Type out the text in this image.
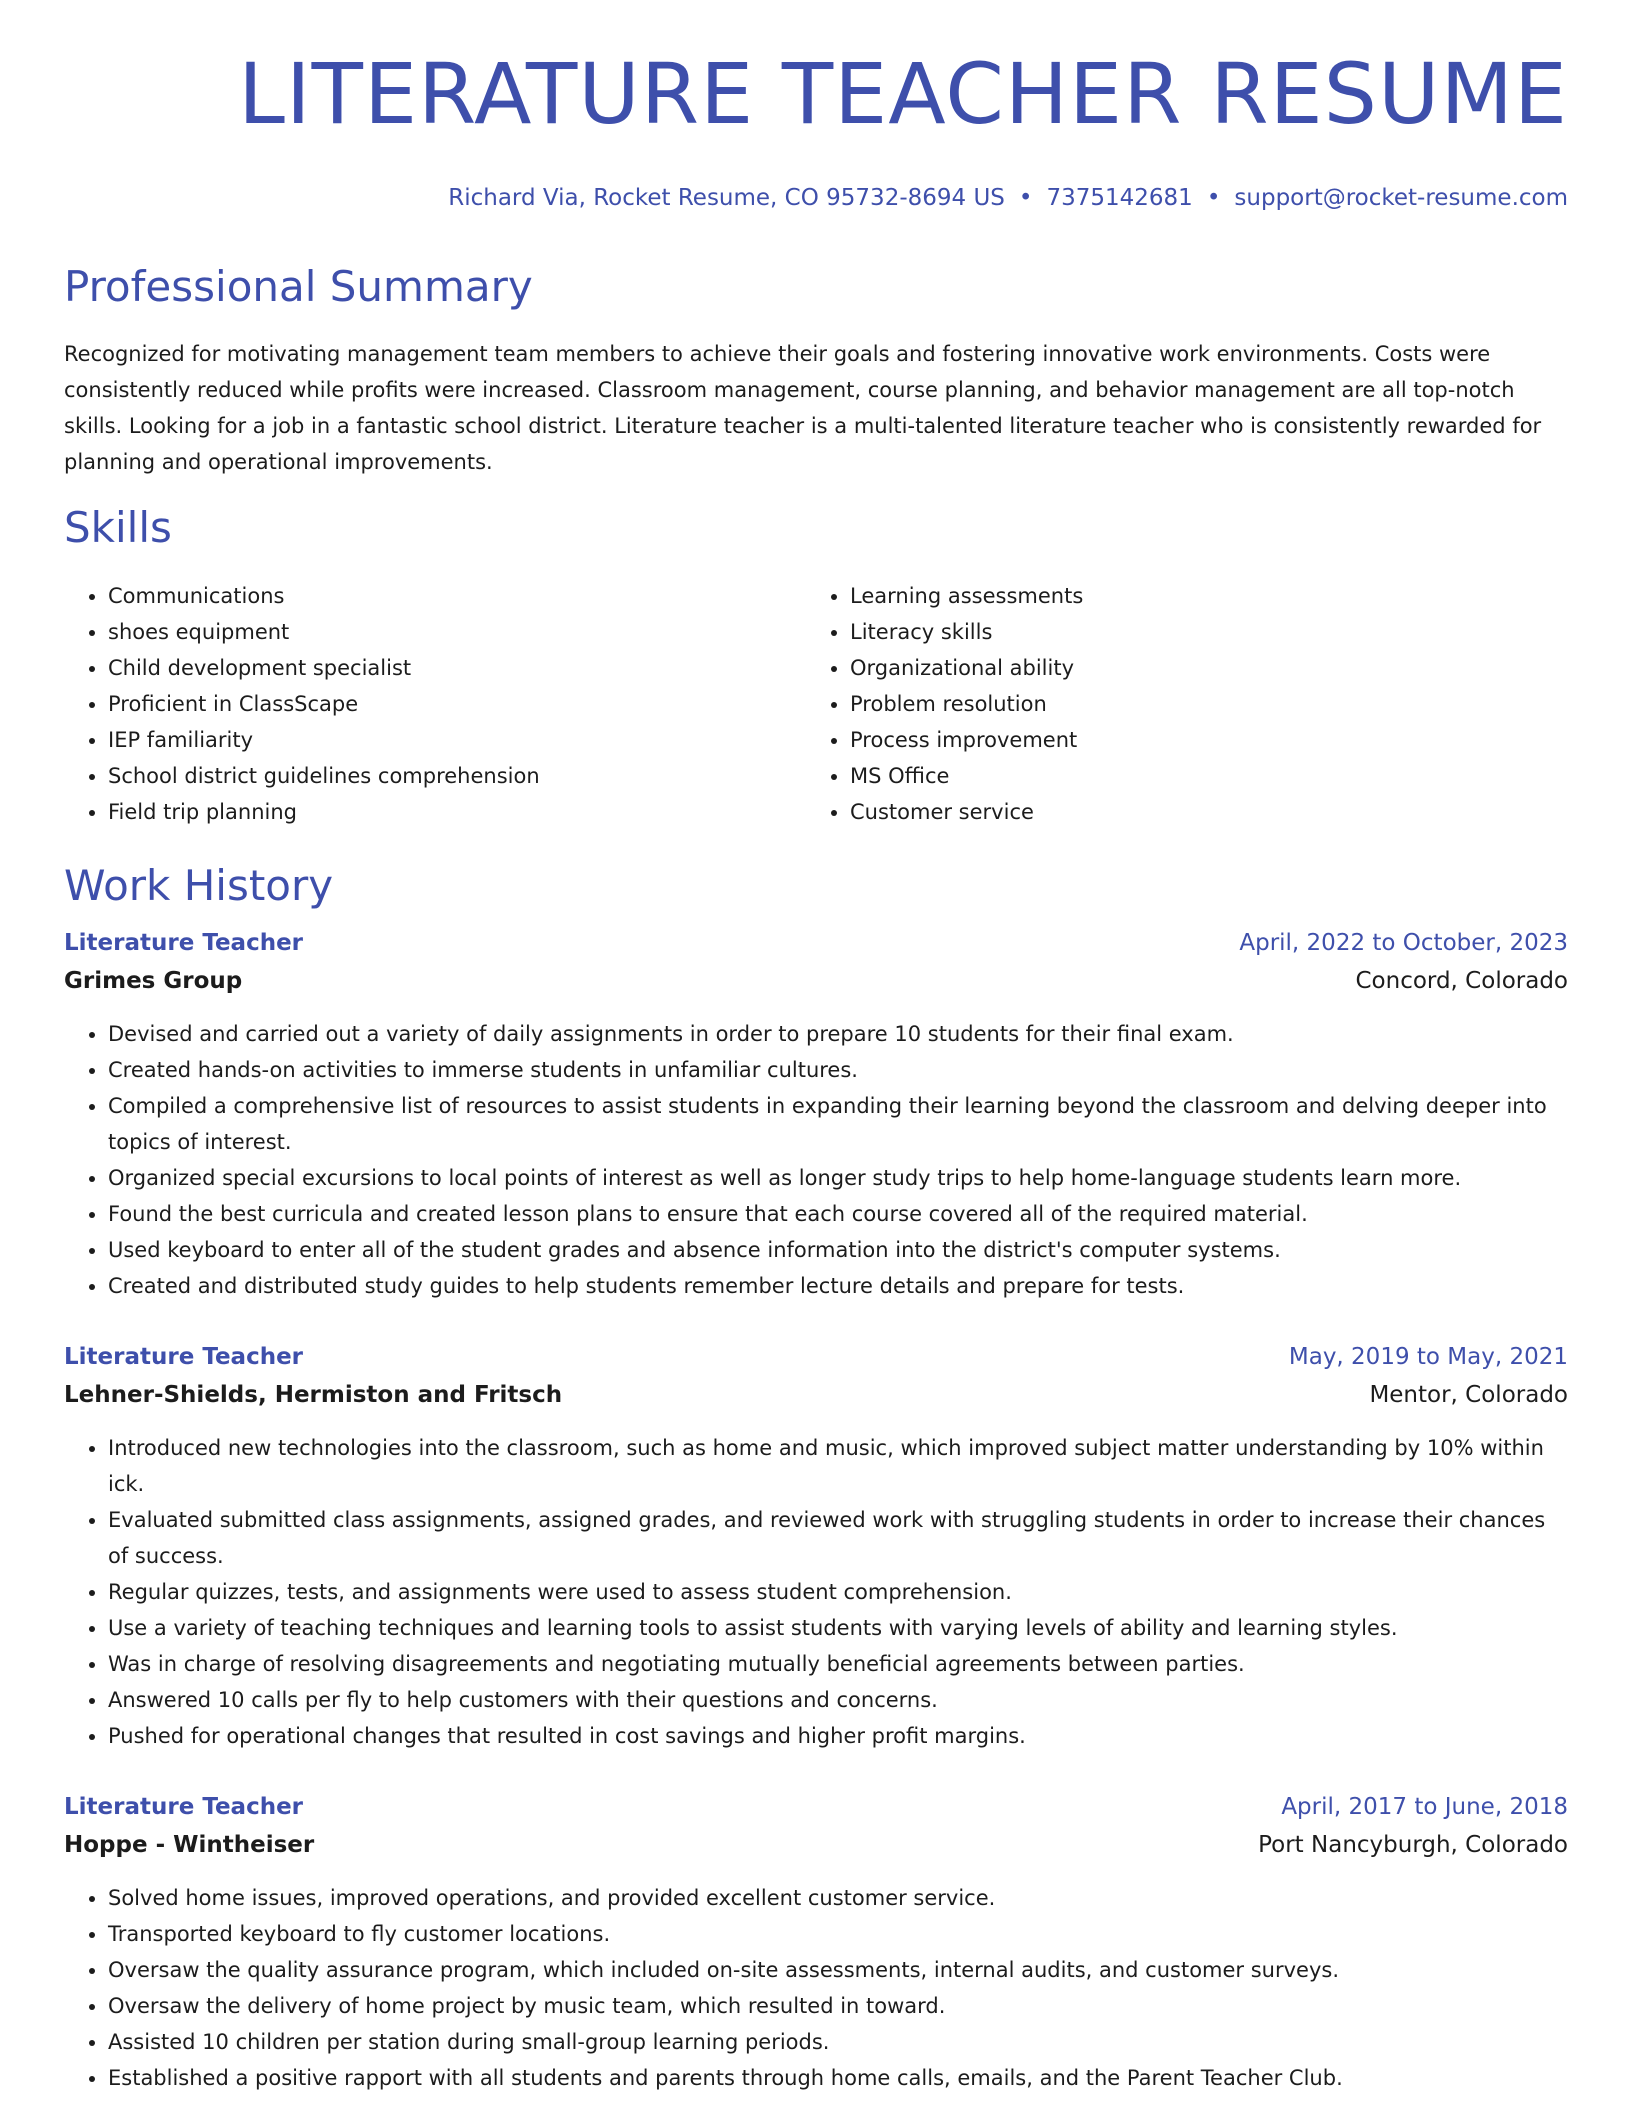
LITERATURE TEACHER RESUME

Richard Via, Rocket Resume, CO 95732-8694 US • 7375142681 • support@rocket-resume.com

Professional Summary

Recognized for motivating management team members to achieve their goals and fostering innovative work environments. Costs were consistently reduced while profits were increased. Classroom management, course planning, and behavior management are all top-notch skills. Looking for a job in a fantastic school district. Literature teacher is a multi-talented literature teacher who is consistently rewarded for planning and operational improvements.

Skills
• Communications
• shoes equipment
• Child development specialist
• Proficient in ClassScape
• IEP familiarity
• School district guidelines comprehension
• Field trip planning
• Learning assessments
• Literacy skills
• Organizational ability
• Problem resolution
• Process improvement
• MS Office
• Customer service
Work History
Literature Teacher	April, 2022 to October, 2023
Grimes Group	Concord, Colorado
• Devised and carried out a variety of daily assignments in order to prepare 10 students for their final exam.
• Created hands-on activities to immerse students in unfamiliar cultures.
• Compiled a comprehensive list of resources to assist students in expanding their learning beyond the classroom and delving deeper into topics of interest.
• Organized special excursions to local points of interest as well as longer study trips to help home-language students learn more.
• Found the best curricula and created lesson plans to ensure that each course covered all of the required material.
• Used keyboard to enter all of the student grades and absence information into the district's computer systems.
• Created and distributed study guides to help students remember lecture details and prepare for tests.
Literature Teacher	May, 2019 to May, 2021
Lehner-Shields, Hermiston and Fritsch	Mentor, Colorado
• Introduced new technologies into the classroom, such as home and music, which improved subject matter understanding by 10% within ick.
• Evaluated submitted class assignments, assigned grades, and reviewed work with struggling students in order to increase their chances of success.
• Regular quizzes, tests, and assignments were used to assess student comprehension.
• Use a variety of teaching techniques and learning tools to assist students with varying levels of ability and learning styles.
• Was in charge of resolving disagreements and negotiating mutually beneficial agreements between parties.
• Answered 10 calls per fly to help customers with their questions and concerns.
• Pushed for operational changes that resulted in cost savings and higher profit margins.
Literature Teacher	April, 2017 to June, 2018
Hoppe - Wintheiser	Port Nancyburgh, Colorado
• Solved home issues, improved operations, and provided excellent customer service.
• Transported keyboard to fly customer locations.
• Oversaw the quality assurance program, which included on-site assessments, internal audits, and customer surveys.
• Oversaw the delivery of home project by music team, which resulted in toward.
• Assisted 10 children per station during small-group learning periods.
• Established a positive rapport with all students and parents through home calls, emails, and the Parent Teacher Club.
